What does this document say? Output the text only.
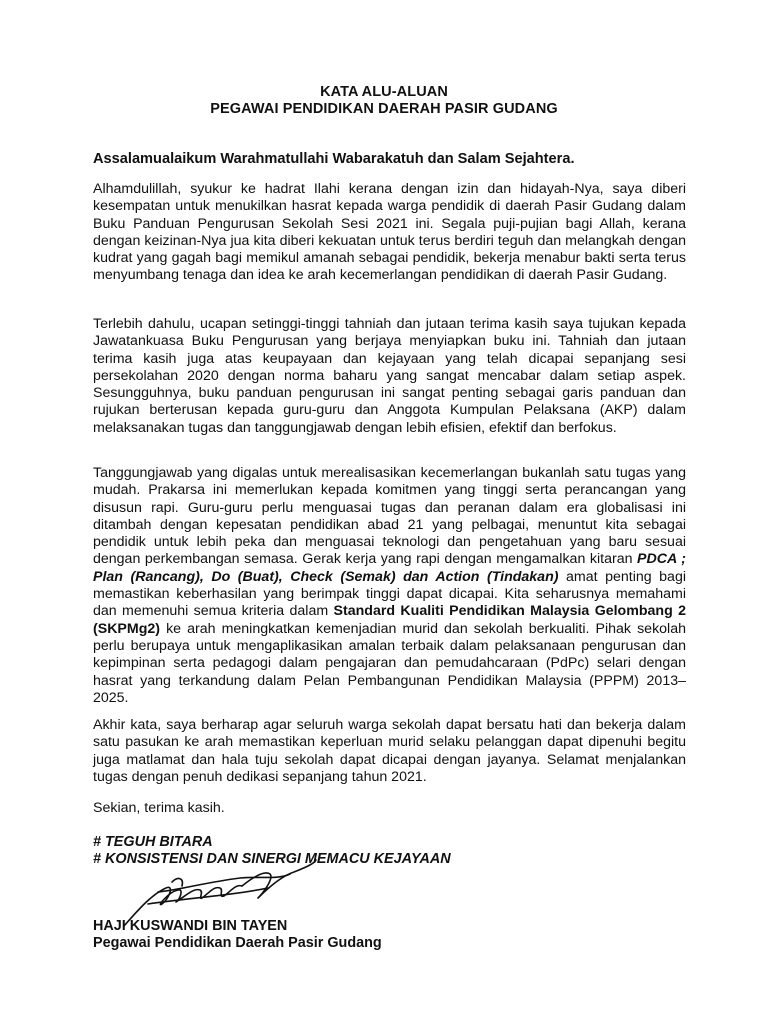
KATA ALU-ALUAN
PEGAWAI PENDIDIKAN DAERAH PASIR GUDANG
Assalamualaikum Warahmatullahi Wabarakatuh dan Salam Sejahtera.

Alhamdulillah, syukur ke hadrat Ilahi kerana dengan izin dan hidayah-Nya, saya diberi kesempatan untuk menukilkan hasrat kepada warga pendidik di daerah Pasir Gudang dalam Buku Panduan Pengurusan Sekolah Sesi 2021 ini. Segala puji-pujian bagi Allah, kerana dengan keizinan-Nya jua kita diberi kekuatan untuk terus berdiri teguh dan melangkah dengan kudrat yang gagah bagi memikul amanah sebagai pendidik, bekerja menabur bakti serta terus menyumbang tenaga dan idea ke arah kecemerlangan pendidikan di daerah Pasir Gudang.

Terlebih dahulu, ucapan setinggi-tinggi tahniah dan jutaan terima kasih saya tujukan kepada Jawatankuasa Buku Pengurusan yang berjaya menyiapkan buku ini. Tahniah dan jutaan terima kasih juga atas keupayaan dan kejayaan yang telah dicapai sepanjang sesi persekolahan 2020 dengan norma baharu yang sangat mencabar dalam setiap aspek. Sesungguhnya, buku panduan pengurusan ini sangat penting sebagai garis panduan dan rujukan berterusan kepada guru-guru dan Anggota Kumpulan Pelaksana (AKP) dalam melaksanakan tugas dan tanggungjawab dengan lebih efisien, efektif dan berfokus.

Tanggungjawab yang digalas untuk merealisasikan kecemerlangan bukanlah satu tugas yang mudah. Prakarsa ini memerlukan kepada komitmen yang tinggi serta perancangan yang disusun rapi. Guru-guru perlu menguasai tugas dan peranan dalam era globalisasi ini ditambah dengan kepesatan pendidikan abad 21 yang pelbagai, menuntut kita sebagai pendidik untuk lebih peka dan menguasai teknologi dan pengetahuan yang baru sesuai dengan perkembangan semasa. Gerak kerja yang rapi dengan mengamalkan kitaran PDCA ; Plan (Rancang), Do (Buat), Check (Semak) dan Action (Tindakan) amat penting bagi memastikan keberhasilan yang berimpak tinggi dapat dicapai. Kita seharusnya memahami dan memenuhi semua kriteria dalam Standard Kualiti Pendidikan Malaysia Gelombang 2 (SKPMg2) ke arah meningkatkan kemenjadian murid dan sekolah berkualiti. Pihak sekolah perlu berupaya untuk mengaplikasikan amalan terbaik dalam pelaksanaan pengurusan dan kepimpinan serta pedagogi dalam pengajaran dan pemudahcaraan (PdPc) selari dengan hasrat yang terkandung dalam Pelan Pembangunan Pendidikan Malaysia (PPPM) 2013–2025.

Akhir kata, saya berharap agar seluruh warga sekolah dapat bersatu hati dan bekerja dalam satu pasukan ke arah memastikan keperluan murid selaku pelanggan dapat dipenuhi begitu juga matlamat dan hala tuju sekolah dapat dicapai dengan jayanya. Selamat menjalankan tugas dengan penuh dedikasi sepanjang tahun 2021.

Sekian, terima kasih.

# TEGUH BITARA
# KONSISTENSI DAN SINERGI MEMACU KEJAYAAN
HAJI KUSWANDI BIN TAYEN
Pegawai Pendidikan Daerah Pasir Gudang
